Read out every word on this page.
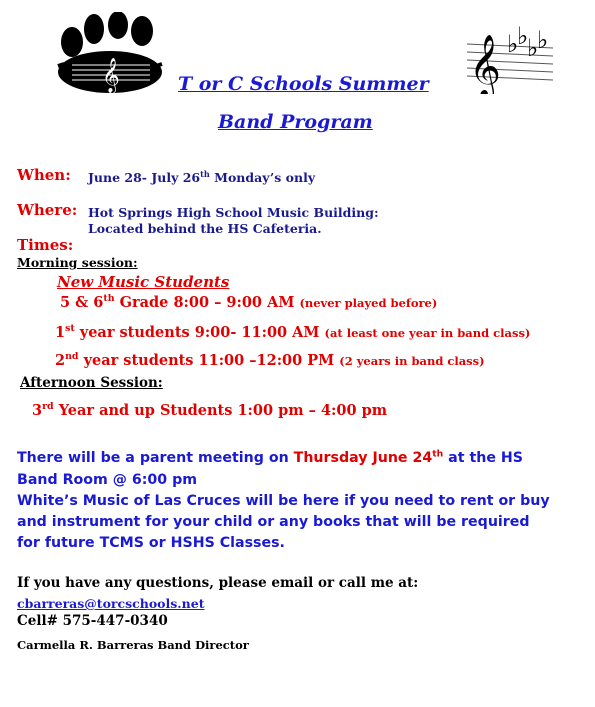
𝄞	𝄞 ♭
♭
♭
♭
T or C Schools Summer
Band Program
When: June 28- July 26th Monday’s only
Where: Hot Springs High School Music Building:
Located behind the HS Cafeteria.
Times:
Morning session:
New Music Students
5 & 6th Grade 8:00 – 9:00 AM (never played before)
1st year students 9:00- 11:00 AM (at least one year in band class)
2nd year students 11:00 –12:00 PM (2 years in band class)
Afternoon Session:
3rd Year and up Students 1:00 pm – 4:00 pm
There will be a parent meeting on Thursday June 24th at the HS
Band Room @ 6:00 pm
White’s Music of Las Cruces will be here if you need to rent or buy
and instrument for your child or any books that will be required
for future TCMS or HSHS Classes.
If you have any questions, please email or call me at:
cbarreras@torcschools.net
Cell# 575-447-0340
Carmella R. Barreras Band Director
